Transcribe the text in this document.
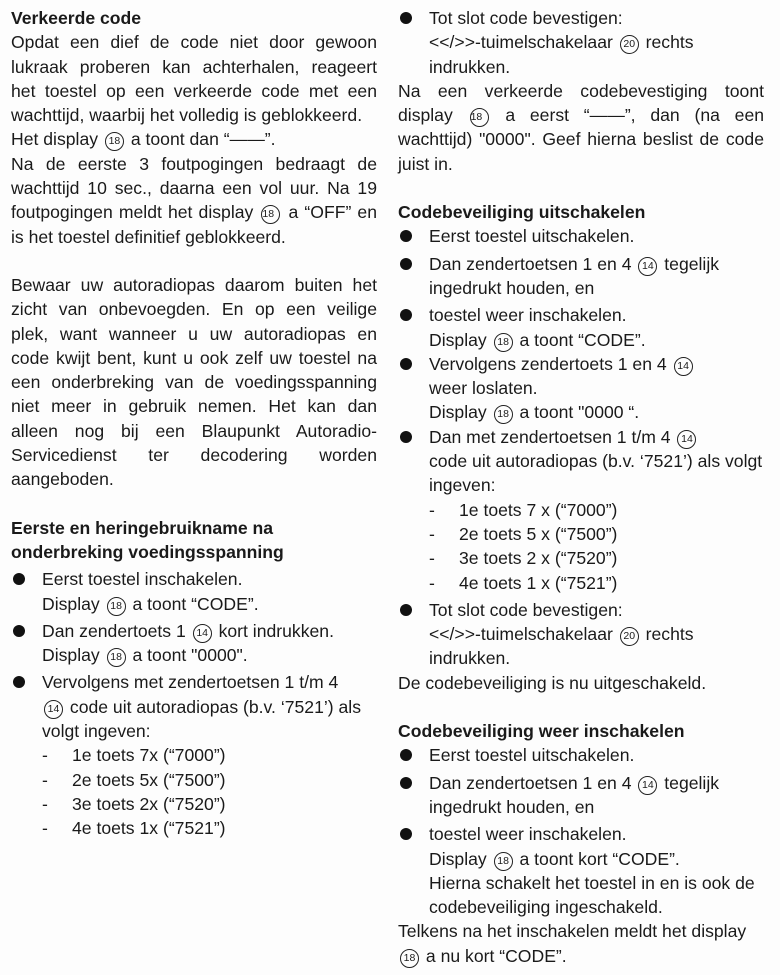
Verkeerde code

Opdat een dief de code niet door gewoon lukraak proberen kan achterhalen, reageert het toestel op een verkeerde code met een wachttijd, waarbij het volledig is geblokkeerd.

Het display 18 a toont dan “——”.

Na de eerste 3 foutpogingen bedraagt de wachttijd 10 sec., daarna een vol uur. Na 19 foutpogingen meldt het display 18 a “OFF” en is het toestel definitief geblokkeerd.

Bewaar uw autoradiopas daarom buiten het zicht van onbevoegden. En op een veilige plek, want wanneer u uw autoradiopas en code kwijt bent, kunt u ook zelf uw toestel na een onderbreking van de voedingsspanning niet meer in gebruik nemen. Het kan dan alleen nog bij een Blaupunkt Autoradio-Servicedienst ter decodering worden aangeboden.

Eerste en heringebruikname na
onderbreking voedingsspanning
Eerst toestel inschakelen.
Display 18 a toont “CODE”.
Dan zendertoets 1 14 kort indrukken.
Display 18 a toont "0000".
Vervolgens met zendertoetsen 1 t/m 4
14 code uit autoradiopas (b.v. ‘7521’) als volgt ingeven:
- 1e toets 7x (“7000”)
- 2e toets 5x (“7500”)
- 3e toets 2x (“7520”)
- 4e toets 1x (“7521”)
Tot slot code bevestigen:
<</>>-tuimelschakelaar 20 rechts indrukken.

Na een verkeerde codebevestiging toont display 18 a eerst “——”, dan (na een wachttijd) "0000". Geef hierna beslist de code juist in.

Codebeveiliging uitschakelen
Eerst toestel uitschakelen.
Dan zendertoetsen 1 en 4 14 tegelijk ingedrukt houden, en
toestel weer inschakelen.
Display 18 a toont “CODE”.
Vervolgens zendertoets 1 en 4 14
weer loslaten.
Display 18 a toont "0000 “.
Dan met zendertoetsen 1 t/m 4 14
code uit autoradiopas (b.v. ‘7521’) als volgt ingeven:
- 1e toets 7 x (“7000”)
- 2e toets 5 x (“7500”)
- 3e toets 2 x (“7520”)
- 4e toets 1 x (“7521”)
Tot slot code bevestigen:
<</>>-tuimelschakelaar 20 rechts indrukken.

De codebeveiliging is nu uitgeschakeld.

Codebeveiliging weer inschakelen
Eerst toestel uitschakelen.
Dan zendertoetsen 1 en 4 14 tegelijk ingedrukt houden, en
toestel weer inschakelen.
Display 18 a toont kort “CODE”.
Hierna schakelt het toestel in en is ook de codebeveiliging ingeschakeld.

Telkens na het inschakelen meldt het display 18 a nu kort “CODE”.
